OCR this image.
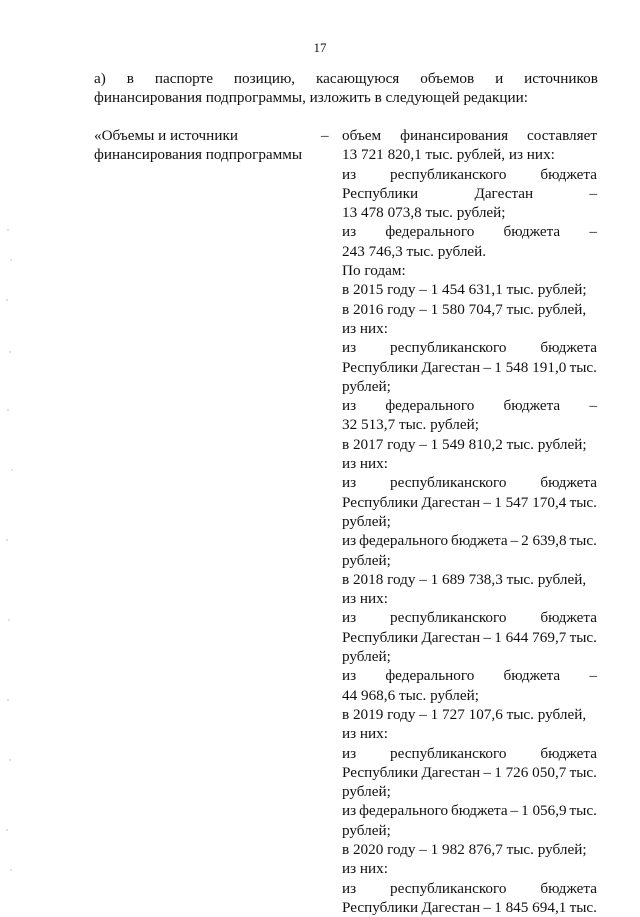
17
а) в паспорте позицию, касающуюся объемов и источников
финансирования подпрограммы, изложить в следующей редакции:
«Объемы и источники
финансирования подпрограммы
– объем финансирования составляет
13 721 820,1 тыс. рублей, из них:
из республиканского бюджета
Республики	Дагестан	–
13 478 073,8 тыс. рублей;
из федерального бюджета –
243 746,3 тыс. рублей.
По годам:
в 2015 году – 1 454 631,1 тыс. рублей;
в 2016 году – 1 580 704,7 тыс. рублей,
из них:
из республиканского бюджета
Республики Дагестан – 1 548 191,0 тыс.
рублей;
из федерального бюджета –
32 513,7 тыс. рублей;
в 2017 году – 1 549 810,2 тыс. рублей;
из них:
из республиканского бюджета
Республики Дагестан – 1 547 170,4 тыс.
рублей;
из федерального бюджета – 2 639,8 тыс.
рублей;
в 2018 году – 1 689 738,3 тыс. рублей,
из них:
из республиканского бюджета
Республики Дагестан – 1 644 769,7 тыс.
рублей;
из федерального бюджета –
44 968,6 тыс. рублей;
в 2019 году – 1 727 107,6 тыс. рублей,
из них:
из республиканского бюджета
Республики Дагестан – 1 726 050,7 тыс.
рублей;
из федерального бюджета – 1 056,9 тыс.
рублей;
в 2020 году – 1 982 876,7 тыс. рублей;
из них:
из республиканского бюджета
Республики Дагестан – 1 845 694,1 тыс.
